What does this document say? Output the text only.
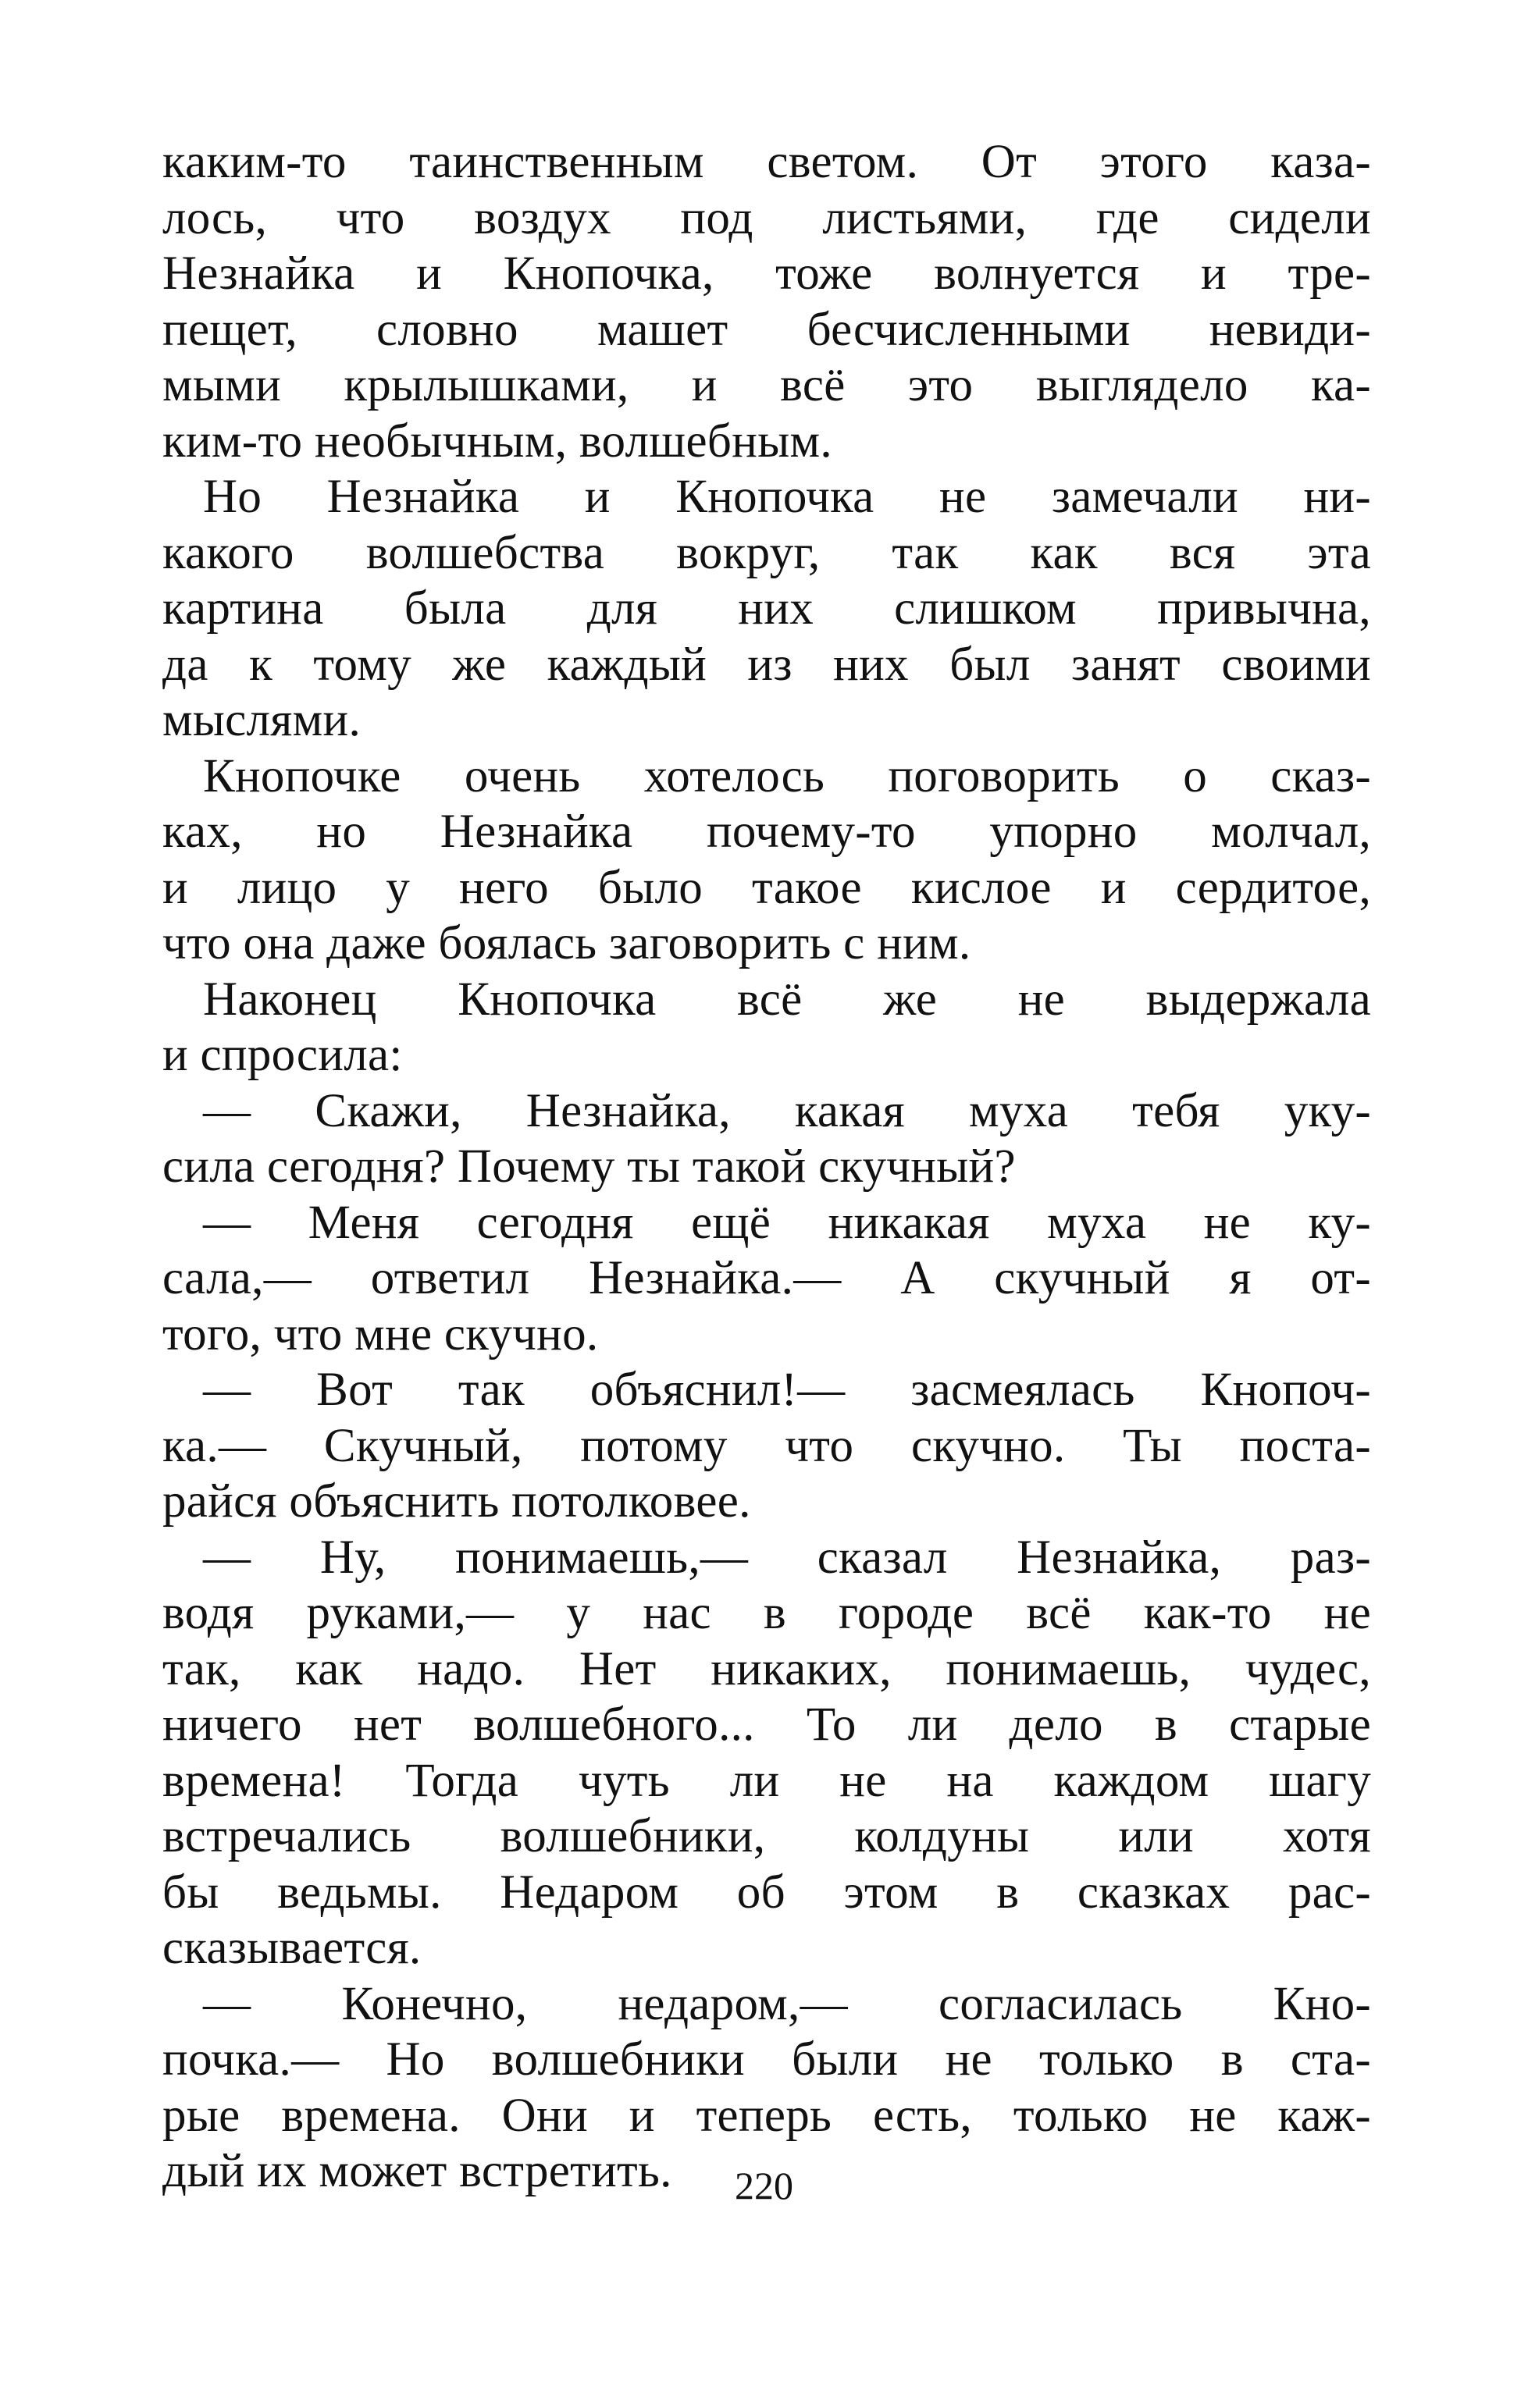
каким-то таинственным светом. От этого каза-
лось, что воздух под листьями, где сидели
Незнайка и Кнопочка, тоже волнуется и тре-
пещет, словно машет бесчисленными невиди-
мыми крылышками, и всё это выглядело ка-
ким-то необычным, волшебным.
Но Незнайка и Кнопочка не замечали ни-
какого волшебства вокруг, так как вся эта
картина была для них слишком привычна,
да к тому же каждый из них был занят своими
мыслями.
Кнопочке очень хотелось поговорить о сказ-
ках, но Незнайка почему-то упорно молчал,
и лицо у него было такое кислое и сердитое,
что она даже боялась заговорить с ним.
Наконец Кнопочка всё же не выдержала
и спросила:
— Скажи, Незнайка, какая муха тебя уку-
сила сегодня? Почему ты такой скучный?
— Меня сегодня ещё никакая муха не ку-
сала,— ответил Незнайка.— А скучный я от-
того, что мне скучно.
— Вот так объяснил!— засмеялась Кнопоч-
ка.— Скучный, потому что скучно. Ты поста-
райся объяснить потолковее.
— Ну, понимаешь,— сказал Незнайка, раз-
водя руками,— у нас в городе всё как-то не
так, как надо. Нет никаких, понимаешь, чудес,
ничего нет волшебного... То ли дело в старые
времена! Тогда чуть ли не на каждом шагу
встречались волшебники, колдуны или хотя
бы ведьмы. Недаром об этом в сказках рас-
сказывается.
— Конечно, недаром,— согласилась Кно-
почка.— Но волшебники были не только в ста-
рые времена. Они и теперь есть, только не каж-
дый их может встретить.	220
